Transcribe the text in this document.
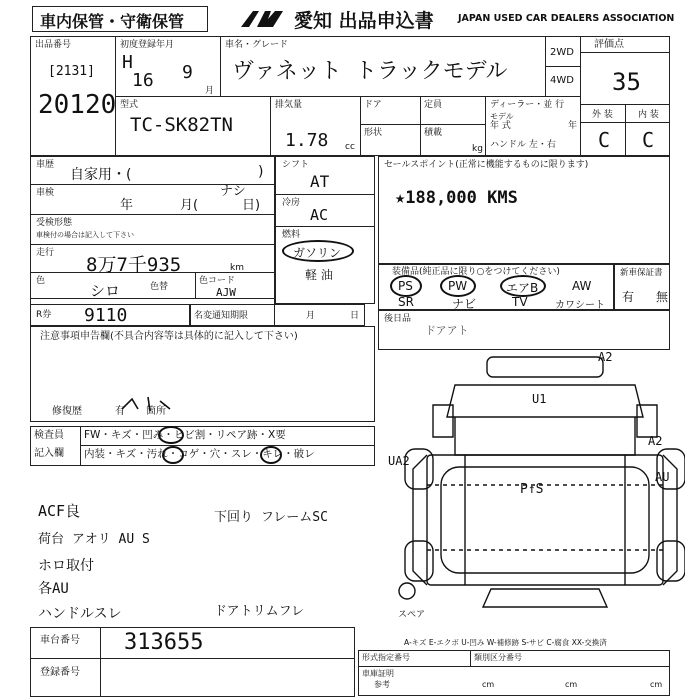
車内保管・守衛保管	愛知 出品申込書	JAPAN USED CAR DEALERS ASSOCIATION
出品番号
[2131]
20120
初度登録年月
H
16 9
月
車名・グレード
ヴァネット トラックモデル
2WD
4WD
評価点
35
外 装	内 装
C C
型式
TC-SK82TN
排気量
1.78 cc
ドア	定員
形状	積載
kg
ディーラー・並 行
モデル
年 式	年
ハンドル 左・右
車歴
自家用・(	)
車検
年	月(
ナシ
日)
受検形態
車検付の場合は記入して下さい
走行
8万7千935	km
色
シロ	色替
色コード
AJW
R券 9110	名変通知期限	月	日
シフト
AT
冷房
AC
燃料
ガソリン
軽 油
セールスポイント(正常に機能するものに限ります)
★188,000 KMS
装備品(純正品に限り○をつけてください)
PS	PW	エアB	AW
SR	ナビ	TV	カワシート
新車保証書
有 無
後日品
ドアアト
注意事項申告欄(不具合内容等は具体的に記入して下さい)
修復歴	有 箇所
検査員
記入欄
FW・キズ・凹み・ヒビ割・リペア跡・X要
内装・キズ・汚れ・コゲ・穴・スレ・キレ・破レ
ACF良
荷台 アオリ AU S
ホロ取付
各AU
ハンドルスレ
下回り フレームSC
ドアトリムフレ
A2
U1
A2
UA2
AU
P↑S
スペア
A-キズ E-エクボ U-凹み W-補修跡 S-サビ C-腐食 XX-交換済
車台番号 313655
登録番号
形式指定番号	類別区分番号
車庫証明
参考	cm	cm	cm
